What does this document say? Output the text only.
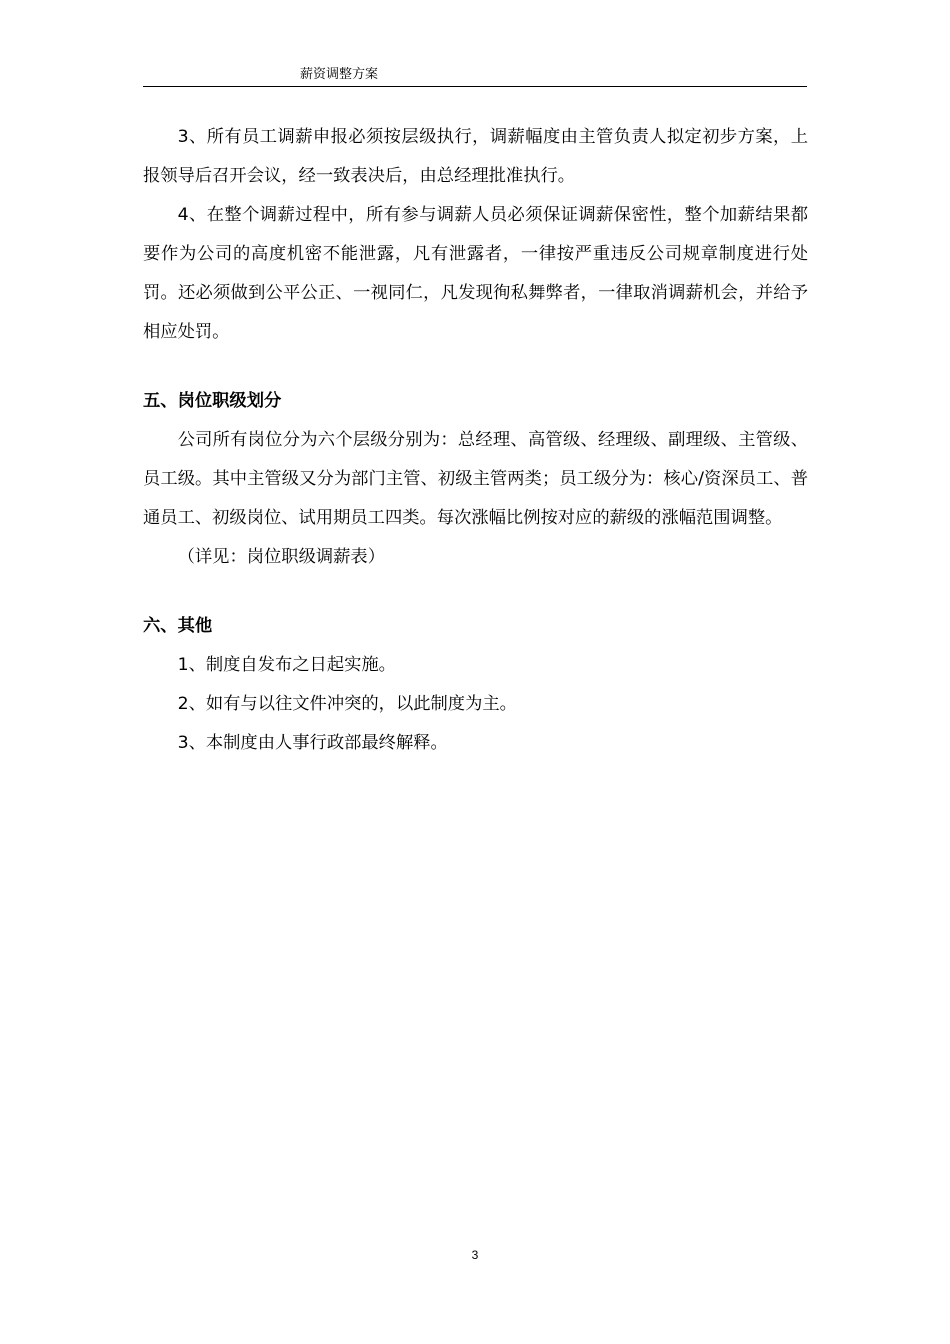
薪资调整方案

3、所有员工调薪申报必须按层级执行，调薪幅度由主管负责人拟定初步方案，上报领导后召开会议，经一致表决后，由总经理批准执行。

4、在整个调薪过程中，所有参与调薪人员必须保证调薪保密性，整个加薪结果都要作为公司的高度机密不能泄露，凡有泄露者，一律按严重违反公司规章制度进行处罚。还必须做到公平公正、一视同仁，凡发现徇私舞弊者，一律取消调薪机会，并给予相应处罚。

五、岗位职级划分

公司所有岗位分为六个层级分别为：总经理、高管级、经理级、副理级、主管级、员工级。其中主管级又分为部门主管、初级主管两类；员工级分为：核心/资深员工、普通员工、初级岗位、试用期员工四类。每次涨幅比例按对应的薪级的涨幅范围调整。

（详见：岗位职级调薪表）

六、其他

1、制度自发布之日起实施。

2、如有与以往文件冲突的，以此制度为主。

3、本制度由人事行政部最终解释。

3
